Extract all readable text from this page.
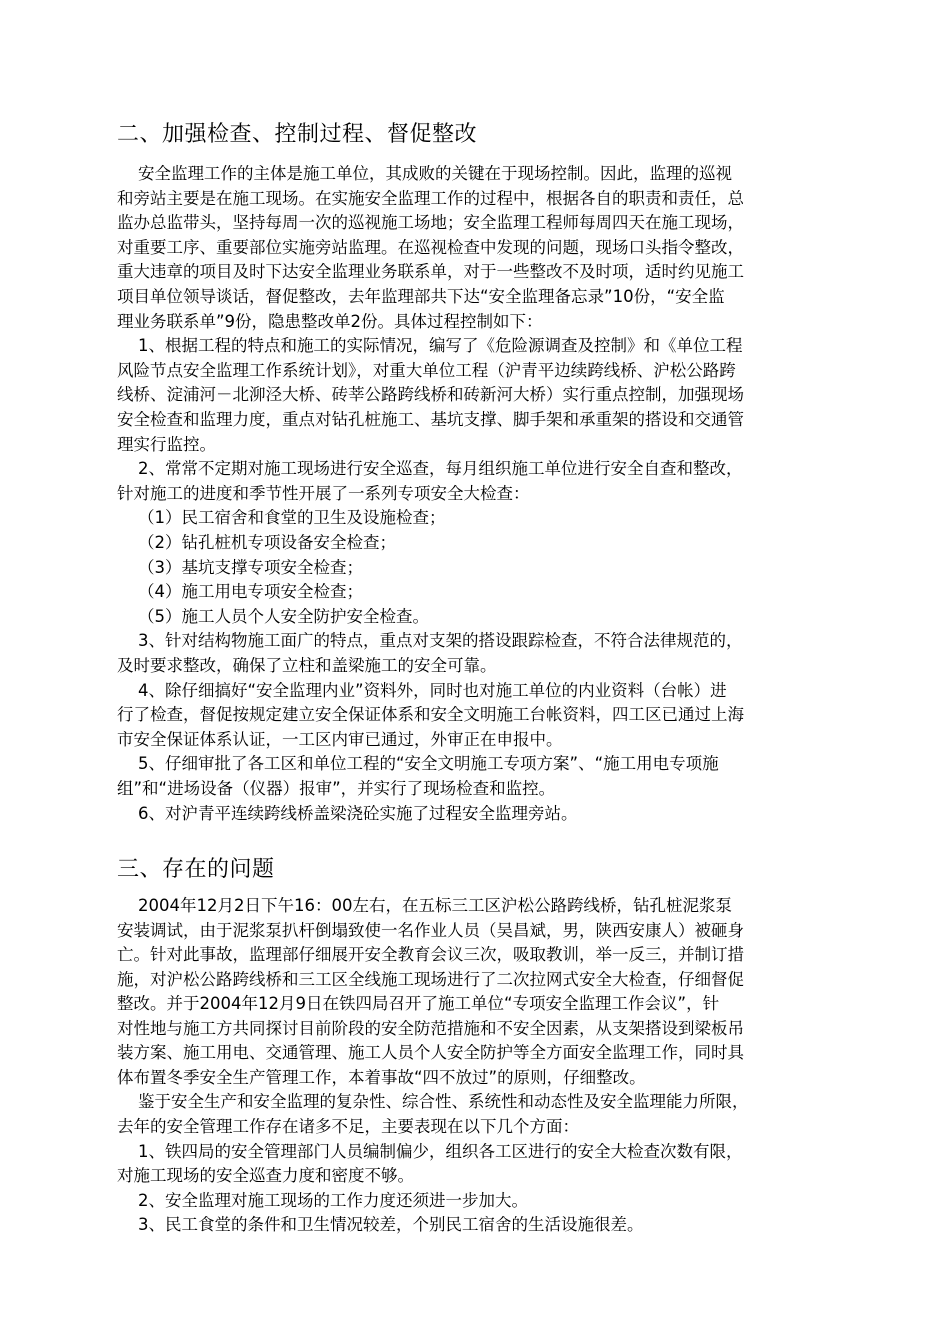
二、加强检查、控制过程、督促整改
安全监理工作的主体是施工单位，其成败的关键在于现场控制。因此，监理的巡视
和旁站主要是在施工现场。在实施安全监理工作的过程中，根据各自的职责和责任，总
监办总监带头，坚持每周一次的巡视施工场地；安全监理工程师每周四天在施工现场，
对重要工序、重要部位实施旁站监理。在巡视检查中发现的问题，现场口头指令整改，
重大违章的项目及时下达安全监理业务联系单，对于一些整改不及时项，适时约见施工
项目单位领导谈话，督促整改，去年监理部共下达“安全监理备忘录”10份，“安全监
理业务联系单”9份，隐患整改单2份。具体过程控制如下：
1、根据工程的特点和施工的实际情况，编写了《危险源调查及控制》和《单位工程
风险节点安全监理工作系统计划》，对重大单位工程（沪青平边续跨线桥、沪松公路跨
线桥、淀浦河－北泖泾大桥、砖莘公路跨线桥和砖新河大桥）实行重点控制，加强现场
安全检查和监理力度，重点对钻孔桩施工、基坑支撑、脚手架和承重架的搭设和交通管
理实行监控。
2、常常不定期对施工现场进行安全巡查，每月组织施工单位进行安全自查和整改，
针对施工的进度和季节性开展了一系列专项安全大检查：
（1）民工宿舍和食堂的卫生及设施检查；
（2）钻孔桩机专项设备安全检查；
（3）基坑支撑专项安全检查；
（4）施工用电专项安全检查；
（5）施工人员个人安全防护安全检查。
3、针对结构物施工面广的特点，重点对支架的搭设跟踪检查，不符合法律规范的，
及时要求整改，确保了立柱和盖梁施工的安全可靠。
4、除仔细搞好“安全监理内业”资料外，同时也对施工单位的内业资料（台帐）进
行了检查，督促按规定建立安全保证体系和安全文明施工台帐资料，四工区已通过上海
市安全保证体系认证，一工区内审已通过，外审正在申报中。
5、仔细审批了各工区和单位工程的“安全文明施工专项方案”、“施工用电专项施
组”和“进场设备（仪器）报审”，并实行了现场检查和监控。
6、对沪青平连续跨线桥盖梁浇砼实施了过程安全监理旁站。
三、存在的问题
2004年12月2日下午16：00左右，在五标三工区沪松公路跨线桥，钻孔桩泥浆泵
安装调试，由于泥浆泵扒杆倒塌致使一名作业人员（吴昌斌，男，陕西安康人）被砸身
亡。针对此事故，监理部仔细展开安全教育会议三次，吸取教训，举一反三，并制订措
施，对沪松公路跨线桥和三工区全线施工现场进行了二次拉网式安全大检查，仔细督促
整改。并于2004年12月9日在铁四局召开了施工单位“专项安全监理工作会议”，针
对性地与施工方共同探讨目前阶段的安全防范措施和不安全因素，从支架搭设到梁板吊
装方案、施工用电、交通管理、施工人员个人安全防护等全方面安全监理工作，同时具
体布置冬季安全生产管理工作，本着事故“四不放过”的原则，仔细整改。
鉴于安全生产和安全监理的复杂性、综合性、系统性和动态性及安全监理能力所限，
去年的安全管理工作存在诸多不足，主要表现在以下几个方面：
1、铁四局的安全管理部门人员编制偏少，组织各工区进行的安全大检查次数有限，
对施工现场的安全巡查力度和密度不够。
2、安全监理对施工现场的工作力度还须进一步加大。
3、民工食堂的条件和卫生情况较差，个别民工宿舍的生活设施很差。
